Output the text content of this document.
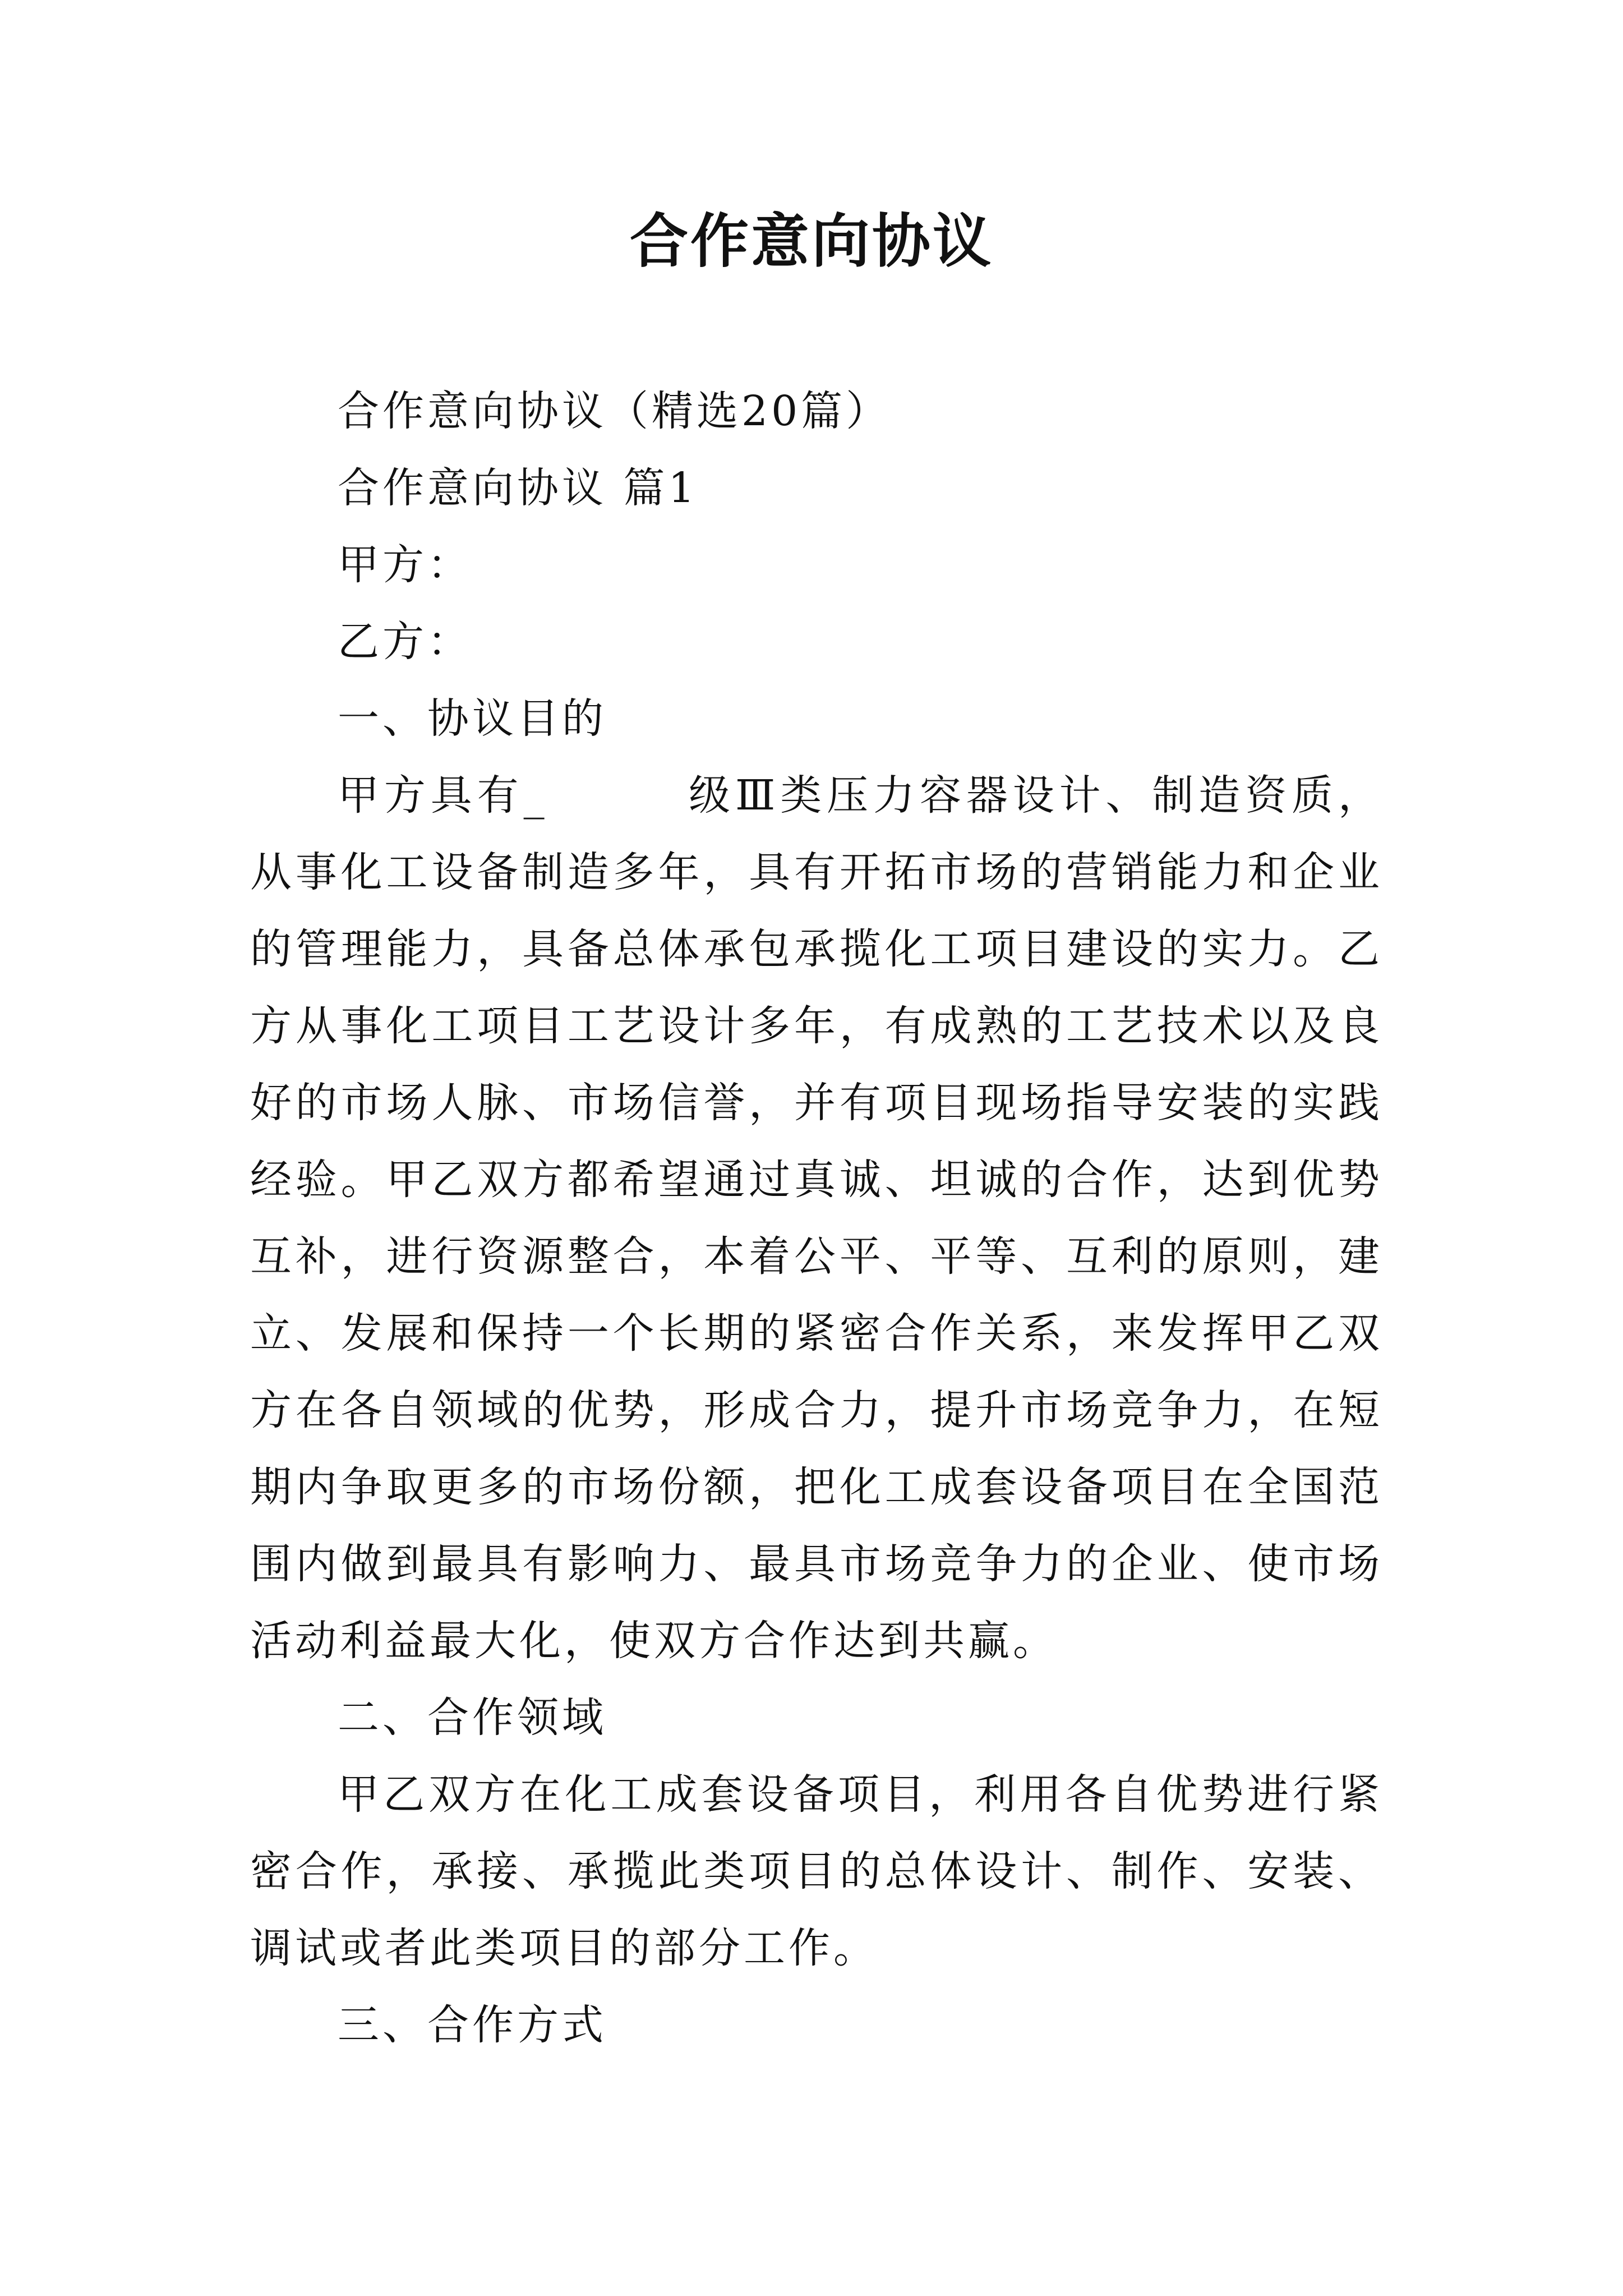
合作意向协议

合作意向协议（精选20篇）

合作意向协议 篇1

甲方：

乙方：

一、协议目的

甲方具有_　　　级Ⅲ类压力容器设计、制造资质，从事化工设备制造多年，具有开拓市场的营销能力和企业的管理能力，具备总体承包承揽化工项目建设的实力。乙方从事化工项目工艺设计多年，有成熟的工艺技术以及良好的市场人脉、市场信誉，并有项目现场指导安装的实践经验。甲乙双方都希望通过真诚、坦诚的合作，达到优势互补，进行资源整合，本着公平、平等、互利的原则，建立、发展和保持一个长期的紧密合作关系，来发挥甲乙双方在各自领域的优势，形成合力，提升市场竞争力，在短期内争取更多的市场份额，把化工成套设备项目在全国范围内做到最具有影响力、最具市场竞争力的企业、使市场活动利益最大化，使双方合作达到共赢。

二、合作领域

甲乙双方在化工成套设备项目，利用各自优势进行紧密合作，承接、承揽此类项目的总体设计、制作、安装、调试或者此类项目的部分工作。

三、合作方式
